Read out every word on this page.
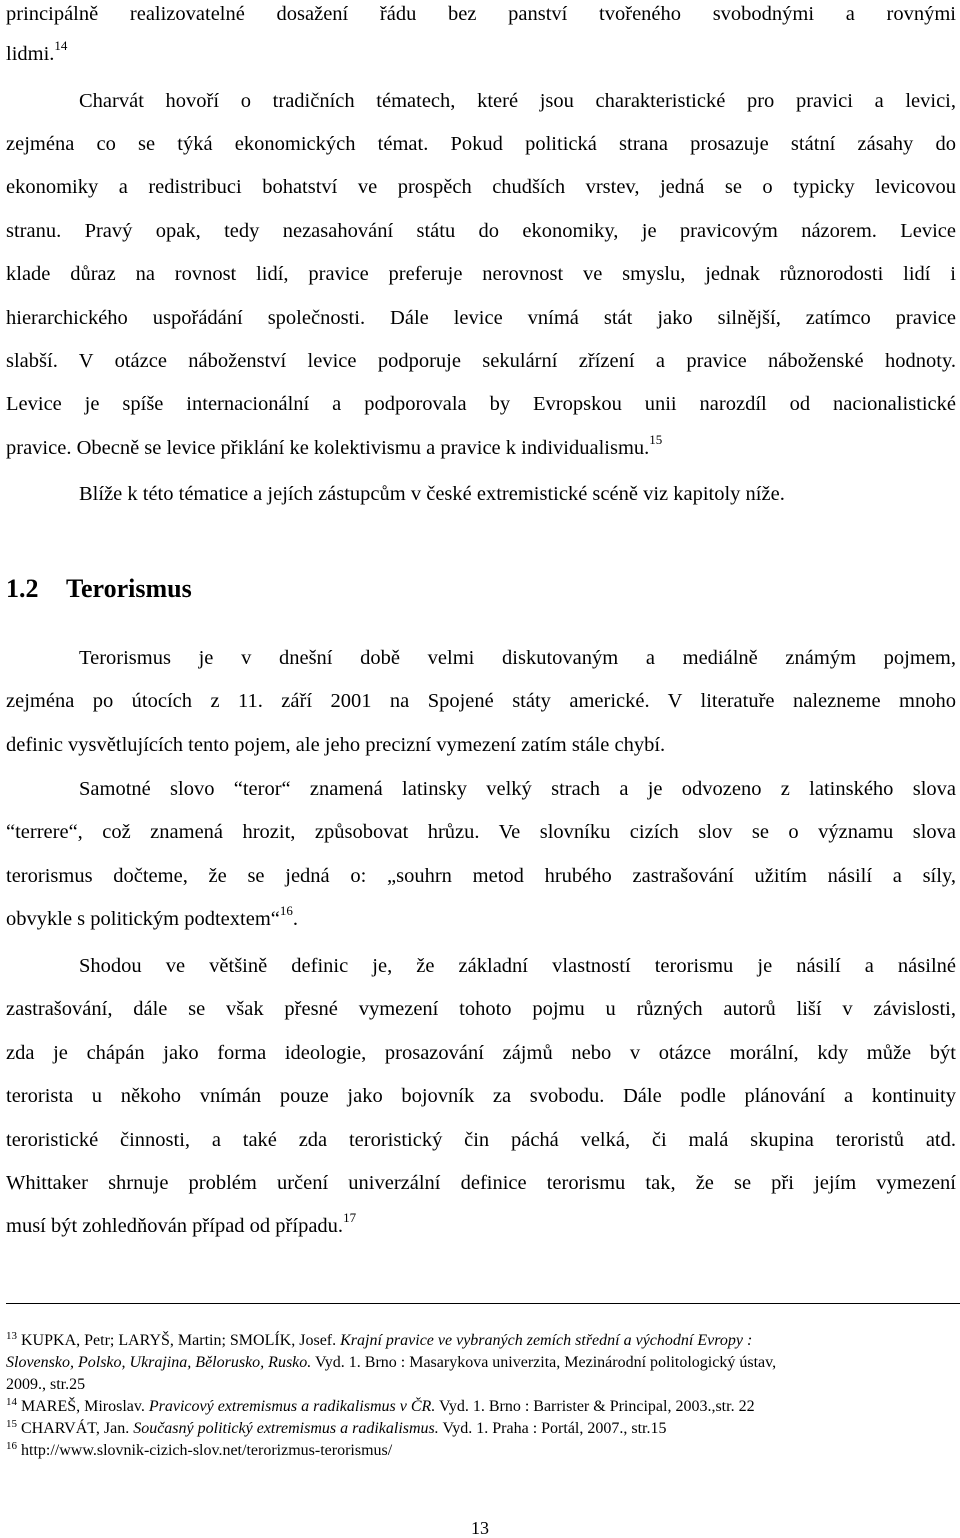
principálně realizovatelné dosažení řádu bez panství tvořeného svobodnými a rovnými
lidmi.$^{14}$
Charvát hovoří o tradičních tématech, které jsou charakteristické pro pravici a levici,
zejména co se týká ekonomických témat. Pokud politická strana prosazuje státní zásahy do
ekonomiky a redistribuci bohatství ve prospěch chudších vrstev, jedná se o typicky levicovou
stranu. Pravý opak, tedy nezasahování státu do ekonomiky, je pravicovým názorem. Levice
klade důraz na rovnost lidí, pravice preferuje nerovnost ve smyslu, jednak různorodosti lidí i
hierarchického uspořádání společnosti. Dále levice vnímá stát jako silnější, zatímco pravice
slabší. V otázce náboženství levice podporuje sekulární zřízení a pravice náboženské hodnoty.
Levice je spíše internacionální a podporovala by Evropskou unii narozdíl od nacionalistické
pravice. Obecně se levice přiklání ke kolektivismu a pravice k individualismu.$^{15}$
Blíže k této tématice a jejích zástupcům v české extremistické scéně viz kapitoly níže.
1.2 Terorismus
Terorismus je v dnešní době velmi diskutovaným a mediálně známým pojmem,
zejména po útocích z 11. září 2001 na Spojené státy americké. V literatuře nalezneme mnoho
definic vysvětlujících tento pojem, ale jeho precizní vymezení zatím stále chybí.
Samotné slovo “teror“ znamená latinsky velký strach a je odvozeno z latinského slova
“terrere“, což znamená hrozit, způsobovat hrůzu. Ve slovníku cizích slov se o významu slova
terorismus dočteme, že se jedná o: „souhrn metod hrubého zastrašování užitím násilí a síly,
obvykle s politickým podtextem“$^{16}$.
Shodou ve většině definic je, že základní vlastností terorismu je násilí a násilné
zastrašování, dále se však přesné vymezení tohoto pojmu u různých autorů liší v závislosti,
zda je chápán jako forma ideologie, prosazování zájmů nebo v otázce morální, kdy může být
terorista u někoho vnímán pouze jako bojovník za svobodu. Dále podle plánování a kontinuity
teroristické činnosti, a také zda teroristický čin páchá velká, či malá skupina teroristů atd.
Whittaker shrnuje problém určení univerzální definice terorismu tak, že se při jejím vymezení
musí být zohledňován případ od případu.$^{17}$
$^{13}$ KUPKA, Petr; LARYŠ, Martin; SMOLÍK, Josef. Krajní pravice ve vybraných zemích střední a východní Evropy :
Slovensko, Polsko, Ukrajina, Bělorusko, Rusko. Vyd. 1. Brno : Masarykova univerzita, Mezinárodní politologický ústav,
2009., str.25
$^{14}$ MAREŠ, Miroslav. Pravicový extremismus a radikalismus v ČR. Vyd. 1. Brno : Barrister & Principal, 2003.,str. 22
$^{15}$ CHARVÁT, Jan. Současný politický extremismus a radikalismus. Vyd. 1. Praha : Portál, 2007., str.15
$^{16}$ http://www.slovnik-cizich-slov.net/terorizmus-terorismus/
13
